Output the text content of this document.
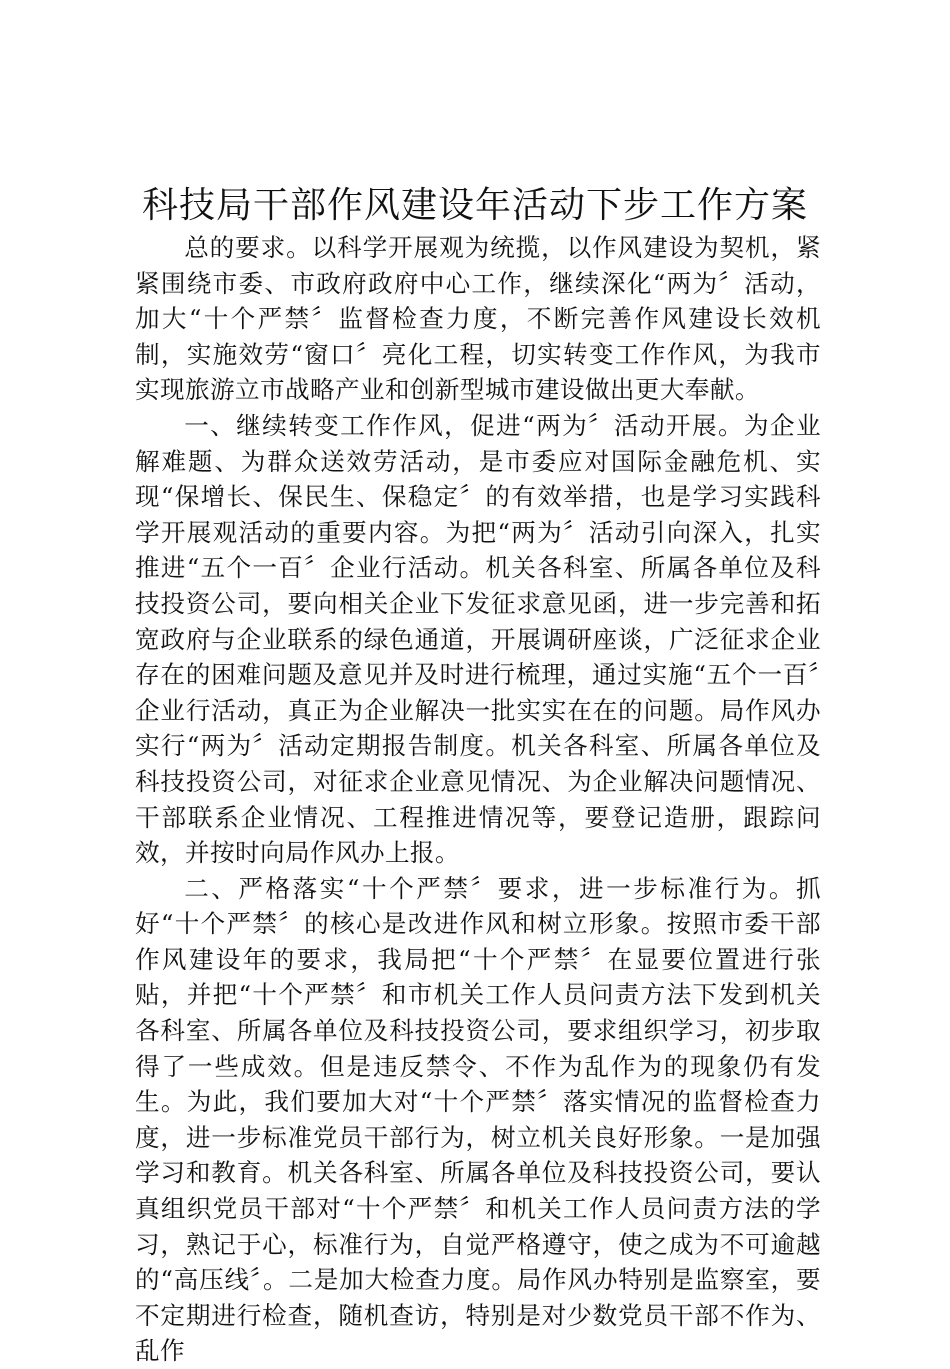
科技局干部作风建设年活动下步工作方案

总的要求。以科学开展观为统揽，以作风建设为契机，紧紧围绕市委、市政府政府中心工作，继续深化“两为〞活动，加大“十个严禁〞监督检查力度，不断完善作风建设长效机制，实施效劳“窗口〞亮化工程，切实转变工作作风，为我市实现旅游立市战略产业和创新型城市建设做出更大奉献。

一、继续转变工作作风，促进“两为〞活动开展。为企业解难题、为群众送效劳活动，是市委应对国际金融危机、实现“保增长、保民生、保稳定〞的有效举措，也是学习实践科学开展观活动的重要内容。为把“两为〞活动引向深入，扎实推进“五个一百〞企业行活动。机关各科室、所属各单位及科技投资公司，要向相关企业下发征求意见函，进一步完善和拓宽政府与企业联系的绿色通道，开展调研座谈，广泛征求企业存在的困难问题及意见并及时进行梳理，通过实施“五个一百〞企业行活动，真正为企业解决一批实实在在的问题。局作风办实行“两为〞活动定期报告制度。机关各科室、所属各单位及科技投资公司，对征求企业意见情况、为企业解决问题情况、干部联系企业情况、工程推进情况等，要登记造册，跟踪问效，并按时向局作风办上报。

二、严格落实“十个严禁〞要求，进一步标准行为。抓好“十个严禁〞的核心是改进作风和树立形象。按照市委干部作风建设年的要求，我局把“十个严禁〞在显要位置进行张贴，并把“十个严禁〞和市机关工作人员问责方法下发到机关各科室、所属各单位及科技投资公司，要求组织学习，初步取得了一些成效。但是违反禁令、不作为乱作为的现象仍有发生。为此，我们要加大对“十个严禁〞落实情况的监督检查力度，进一步标准党员干部行为，树立机关良好形象。一是加强学习和教育。机关各科室、所属各单位及科技投资公司，要认真组织党员干部对“十个严禁〞和机关工作人员问责方法的学习，熟记于心，标准行为，自觉严格遵守，使之成为不可逾越的“高压线〞。二是加大检查力度。局作风办特别是监察室，要不定期进行检查，随机查访，特别是对少数党员干部不作为、乱作
